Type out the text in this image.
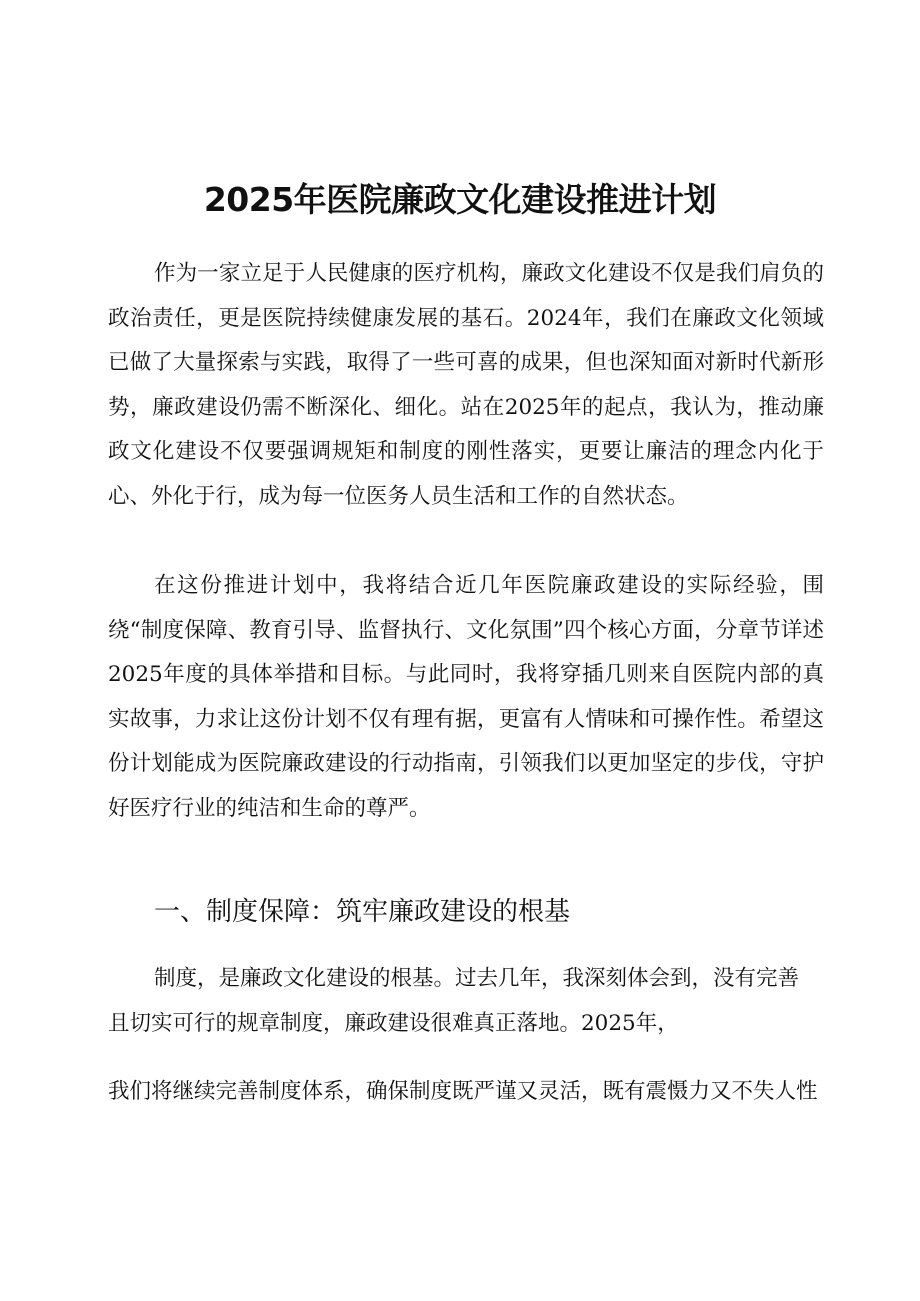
2025年医院廉政文化建设推进计划

作为一家立足于人民健康的医疗机构，廉政文化建设不仅是我们肩负的政治责任，更是医院持续健康发展的基石。2024年，我们在廉政文化领域已做了大量探索与实践，取得了一些可喜的成果，但也深知面对新时代新形势，廉政建设仍需不断深化、细化。站在2025年的起点，我认为，推动廉政文化建设不仅要强调规矩和制度的刚性落实，更要让廉洁的理念内化于心、外化于行，成为每一位医务人员生活和工作的自然状态。

在这份推进计划中，我将结合近几年医院廉政建设的实际经验，围绕“制度保障、教育引导、监督执行、文化氛围”四个核心方面，分章节详述2025年度的具体举措和目标。与此同时，我将穿插几则来自医院内部的真实故事，力求让这份计划不仅有理有据，更富有人情味和可操作性。希望这份计划能成为医院廉政建设的行动指南，引领我们以更加坚定的步伐，守护好医疗行业的纯洁和生命的尊严。

一、制度保障：筑牢廉政建设的根基

制度，是廉政文化建设的根基。过去几年，我深刻体会到，没有完善
且切实可行的规章制度，廉政建设很难真正落地。2025年，

我们将继续完善制度体系，确保制度既严谨又灵活，既有震慑力又不失人性
